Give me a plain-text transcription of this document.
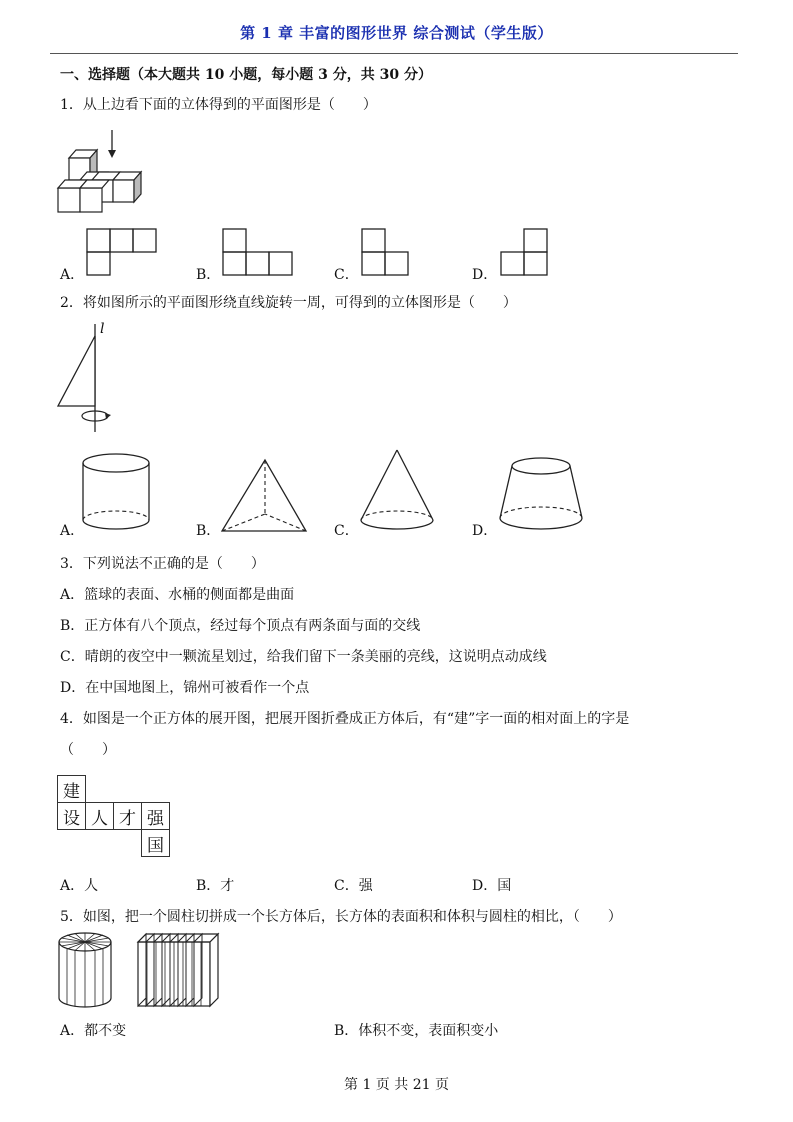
第 1 章 丰富的图形世界 综合测试（学生版）
一、选择题（本大题共 10 小题，每小题 3 分，共 30 分）
1．从上边看下面的立体得到的平面图形是（　　）
A．	B．	C．	D．
2．将如图所示的平面图形绕直线旋转一周，可得到的立体图形是（　　）
l
A．	B．	C．	D．
3．下列说法不正确的是（　　）
A．篮球的表面、水桶的侧面都是曲面
B．正方体有八个顶点，经过每个顶点有两条面与面的交线
C．晴朗的夜空中一颗流星划过，给我们留下一条美丽的亮线，这说明点动成线
D．在中国地图上，锦州可被看作一个点
4．如图是一个正方体的展开图，把展开图折叠成正方体后，有“建”字一面的相对面上的字是
（　　）
建			
设	人	才	强
			国
A．人	B．才	C．强	D．国
5．如图，把一个圆柱切拼成一个长方体后，长方体的表面积和体积与圆柱的相比，（　　）
A．都不变	B．体积不变，表面积变小
第 1 页 共 21 页
